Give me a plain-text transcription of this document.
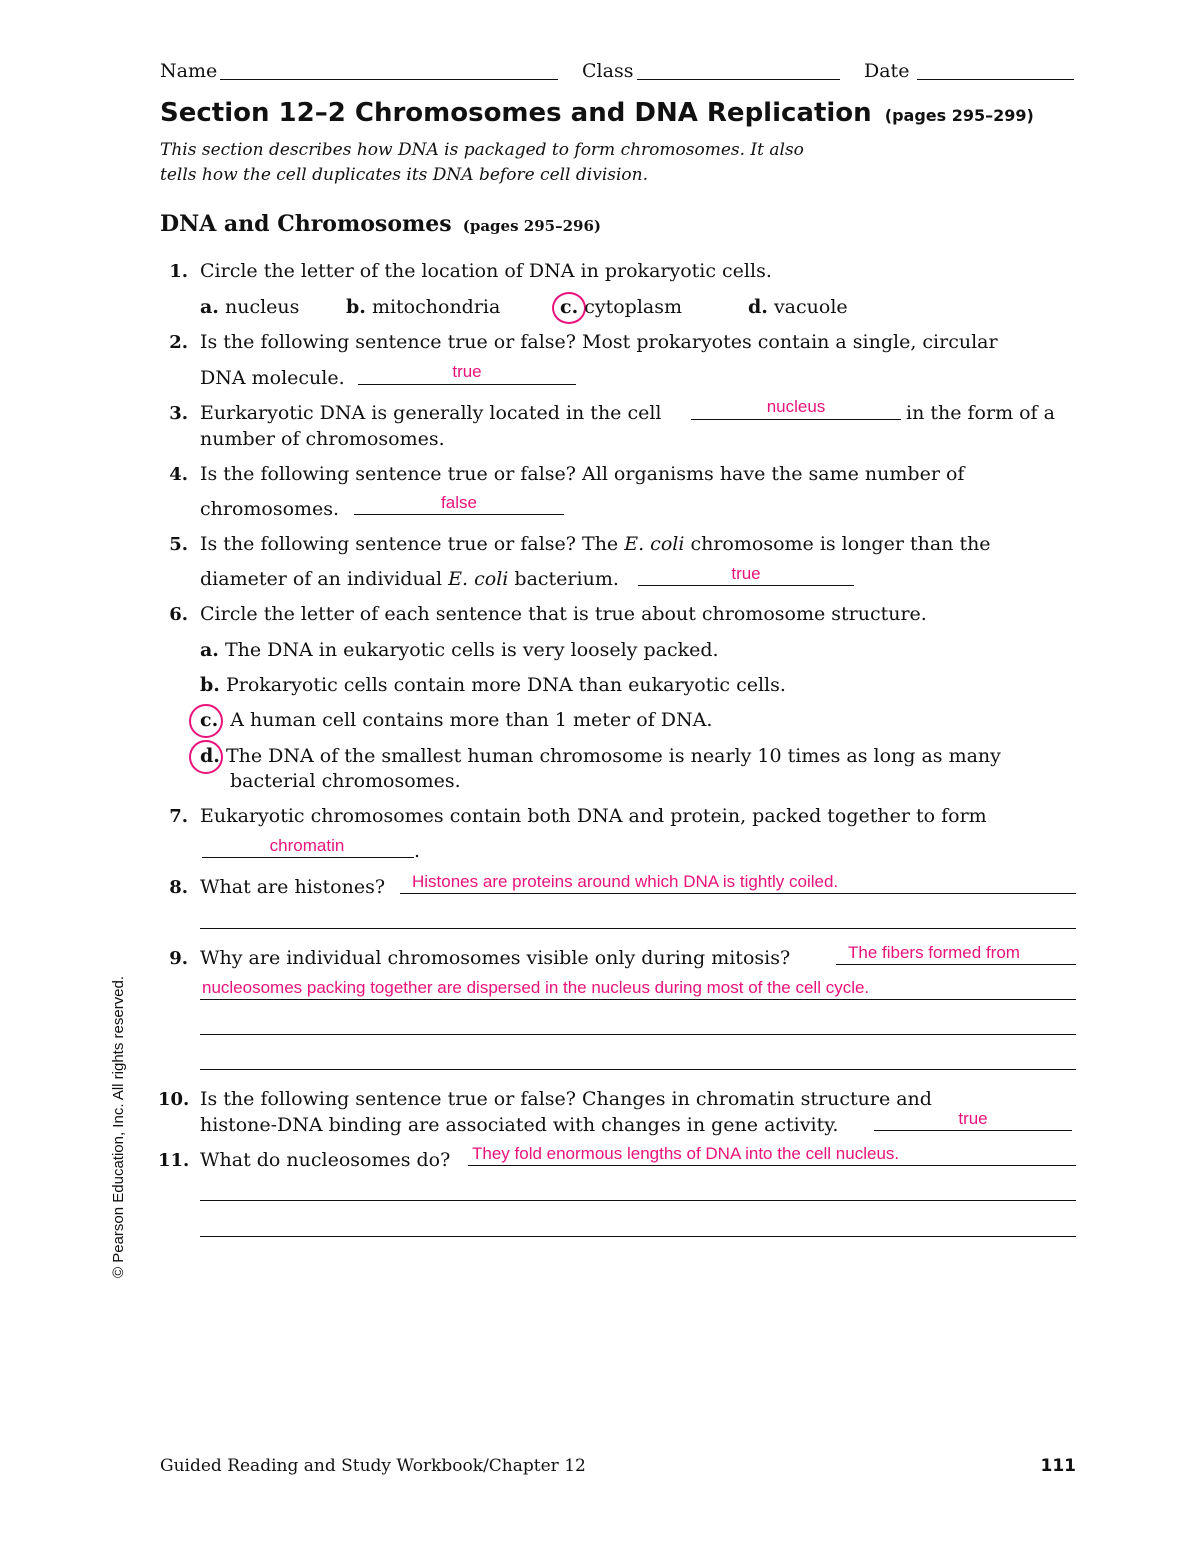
Name	Class	Date
Section 12–2 Chromosomes and DNA Replication (pages 295–299)
This section describes how DNA is packaged to form chromosomes. It also
tells how the cell duplicates its DNA before cell division.
DNA and Chromosomes (pages 295–296)
1. Circle the letter of the location of DNA in prokaryotic cells.
a. nucleus b. mitochondria	c. cytoplasm	d. vacuole
2. Is the following sentence true or false? Most prokaryotes contain a single, circular
DNA molecule.	true
3. Eurkaryotic DNA is generally located in the cell	nucleus	in the form of a
number of chromosomes.
4. Is the following sentence true or false? All organisms have the same number of
chromosomes.	false
5. Is the following sentence true or false? The E. coli chromosome is longer than the
diameter of an individual E. coli bacterium.	true
6. Circle the letter of each sentence that is true about chromosome structure.
a. The DNA in eukaryotic cells is very loosely packed.
b. Prokaryotic cells contain more DNA than eukaryotic cells.
c. A human cell contains more than 1 meter of DNA.
d. The DNA of the smallest human chromosome is nearly 10 times as long as many
bacterial chromosomes.
7. Eukaryotic chromosomes contain both DNA and protein, packed together to form
chromatin	.
8. What are histones? Histones are proteins around which DNA is tightly coiled.
9. Why are individual chromosomes visible only during mitosis?	The fibers formed from
nucleosomes packing together are dispersed in the nucleus during most of the cell cycle.
10. Is the following sentence true or false? Changes in chromatin structure and
histone-DNA binding are associated with changes in gene activity.	true
11. What do nucleosomes do? They fold enormous lengths of DNA into the cell nucleus.
© Pearson Education, Inc. All rights reserved.
Guided Reading and Study Workbook/Chapter 12	111
